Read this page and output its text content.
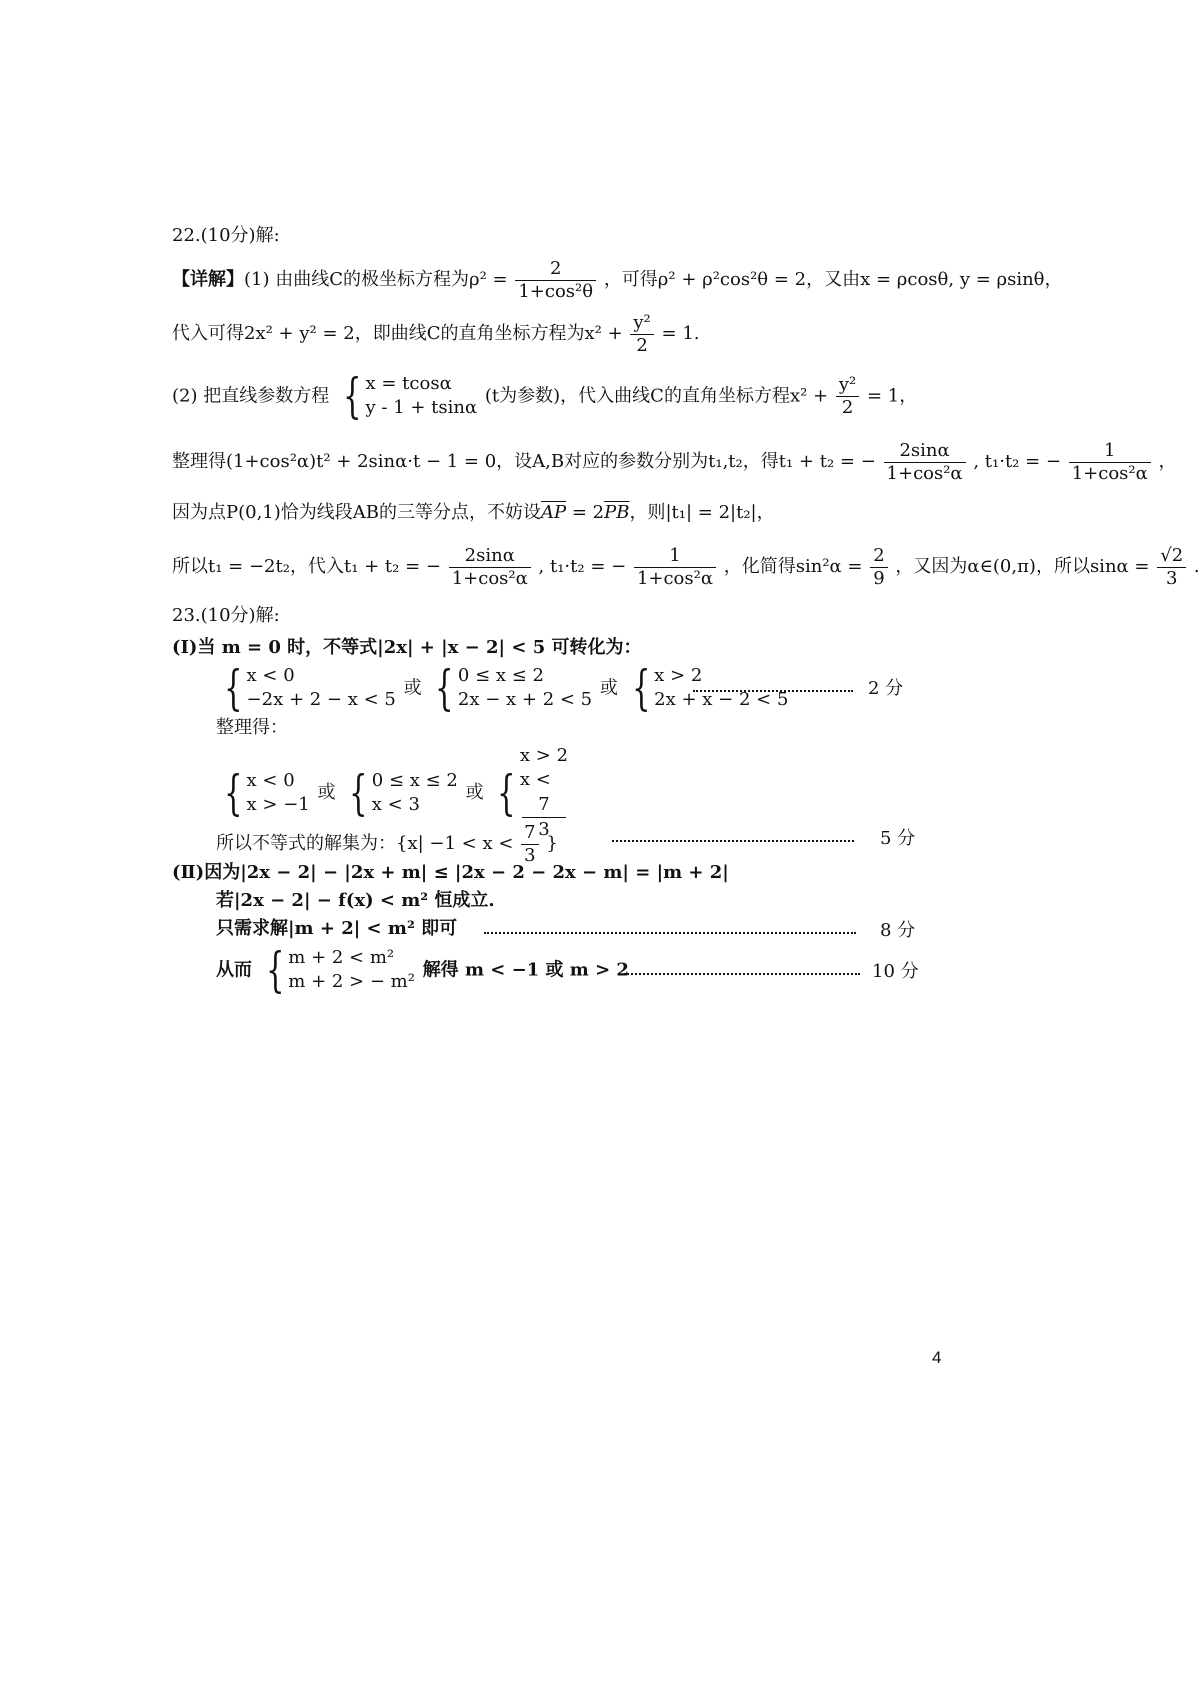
22.(10分)解:
【详解】(1) 由曲线C的极坐标方程为$\rho^2 = \frac{2}{\text{1+cos²θ}}$ ，可得ρ² + ρ²cos²θ = 2，又由x = ρcosθ, y = ρsinθ，
代入可得2x² + y² = 2，即曲线C的直角坐标方程为$x^2 + \frac{\text{y²}}{2} = 1$.
(2) 把直线参数方程 { x = tcosα
y - 1 + tsinα
(t为参数)，代入曲线C的直角坐标方程$x^2 + \frac{\text{y²}}{2} = 1$，
整理得(1+cos²α)t² + 2sinα·t − 1 = 0，设A,B对应的参数分别为t₁,t₂，得t₁ + t₂ = − $\frac{2\sin\alpha}{\text{1+cos²α}}$ , t₁·t₂ = − $\frac{1}{\text{1+cos²α}}$ ，
因为点P(0,1)恰为线段AB的三等分点，不妨设$\overline{AP} = 2\overline{PB}$，则|t₁| = 2|t₂|，
所以t₁ = −2t₂，代入t₁ + t₂ = − $\frac{2\sin\alpha}{\text{1+cos²α}}$ , t₁·t₂ = − $\frac{1}{\text{1+cos²α}}$ ，化简得$\sin^2\alpha = \frac{2}{9}$ ，又因为α∈(0,π)，所以$\sin\alpha = \frac{√2}{3}$ .
23.(10分)解:
(Ⅰ)当 m = 0 时，不等式|2x| + |x − 2| < 5 可转化为：
{ x < 0
−2x + 2 − x < 5
或 { 0 ≤ x ≤ 2
2x − x + 2 < 5
或 { x > 2
2x + x − 2 < 5
2 分
整理得：
{ x < 0
x > −1
或 { 0 ≤ x ≤ 2
x < 3
或 {
x > 2
x <
7
3
所以不等式的解集为：{$x| -1 < x < \frac{7}{3}$ }	5 分
(Ⅱ)因为|2x − 2| − |2x + m| ≤ |2x − 2 − 2x − m| = |m + 2|
若|2x − 2| − f(x) < m² 恒成立.
只需求解|m + 2| < m² 即可	8 分
从而 { m + 2 < m²
m + 2 > − m²
解得 m < −1 或 m > 2	10 分
4
